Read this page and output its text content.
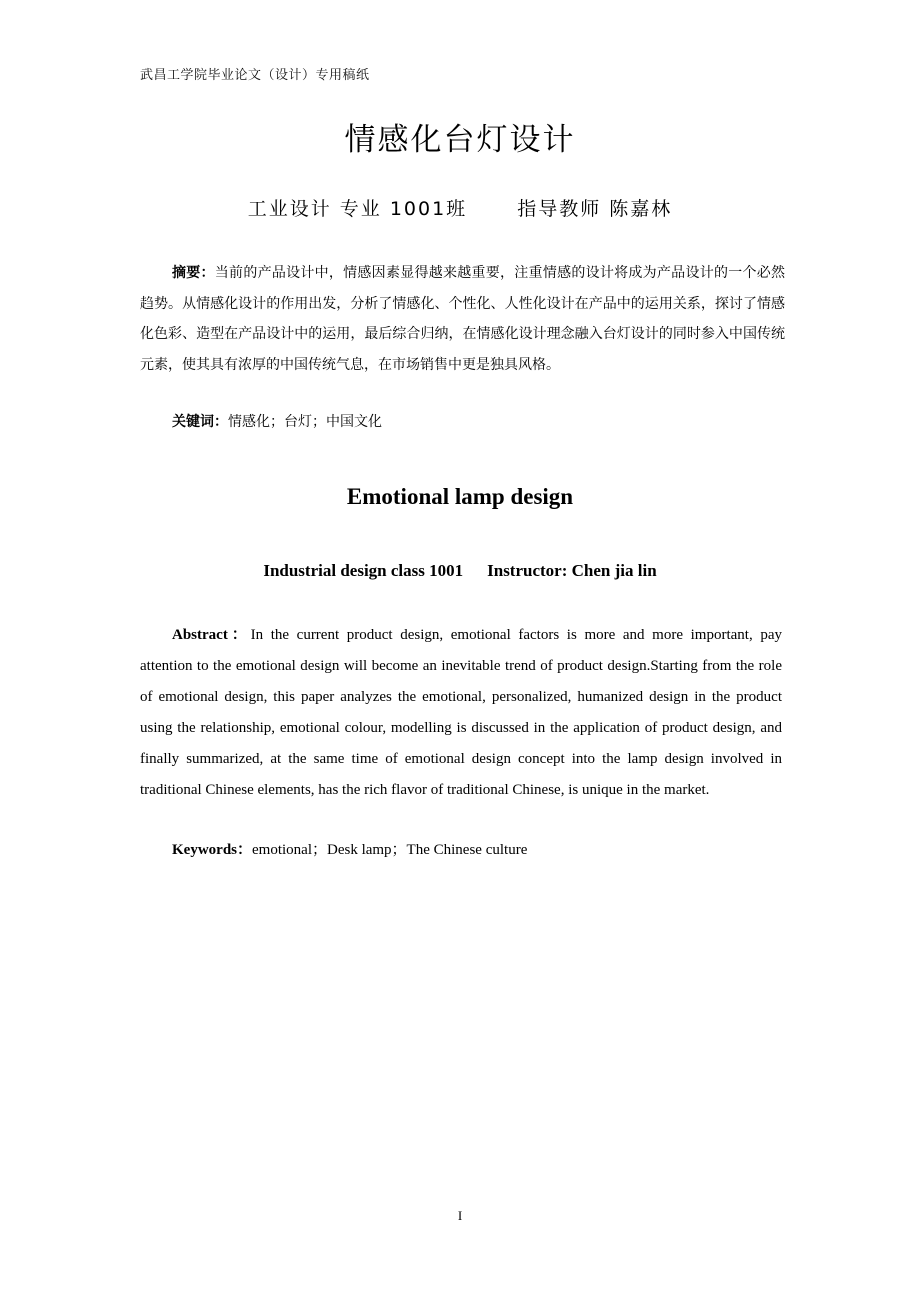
武昌工学院毕业论文（设计）专用稿纸
情感化台灯设计
工业设计 专业 1001班	指导教师 陈嘉林

摘要：当前的产品设计中，情感因素显得越来越重要，注重情感的设计将成为产品设计的一个必然趋势。从情感化设计的作用出发，分析了情感化、个性化、人性化设计在产品中的运用关系，探讨了情感化色彩、造型在产品设计中的运用，最后综合归纳，在情感化设计理念融入台灯设计的同时参入中国传统元素，使其具有浓厚的中国传统气息，在市场销售中更是独具风格。

关键词：情感化；台灯；中国文化

Emotional lamp design
Industrial design class 1001 Instructor: Chen jia lin

Abstract：In the current product design, emotional factors is more and more important, pay attention to the emotional design will become an inevitable trend of product design.Starting from the role of emotional design, this paper analyzes the emotional, personalized, humanized design in the product using the relationship, emotional colour, modelling is discussed in the application of product design, and finally summarized, at the same time of emotional design concept into the lamp design involved in traditional Chinese elements, has the rich flavor of traditional Chinese, is unique in the market.

Keywords：emotional；Desk lamp；The Chinese culture

I
